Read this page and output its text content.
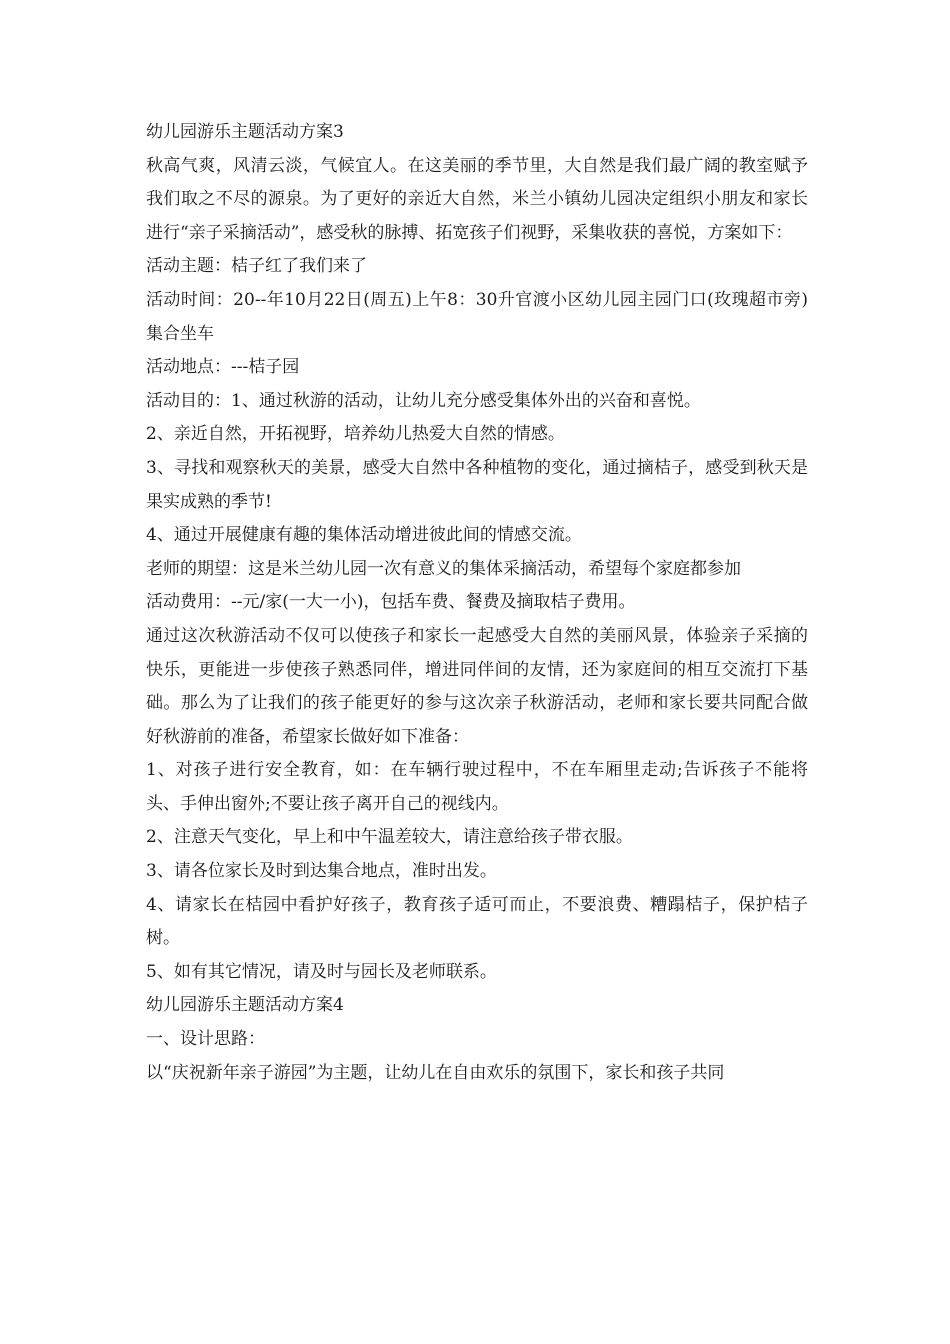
幼儿园游乐主题活动方案3

秋高气爽，风清云淡，气候宜人。在这美丽的季节里，大自然是我们最广阔的教室赋予我们取之不尽的源泉。为了更好的亲近大自然，米兰小镇幼儿园决定组织小朋友和家长进行“亲子采摘活动”，感受秋的脉搏、拓宽孩子们视野，采集收获的喜悦，方案如下：

活动主题：桔子红了我们来了

活动时间：20--年10月22日(周五)上午8：30升官渡小区幼儿园主园门口(玫瑰超市旁)集合坐车

活动地点：---桔子园

活动目的：1、通过秋游的活动，让幼儿充分感受集体外出的兴奋和喜悦。

2、亲近自然，开拓视野，培养幼儿热爱大自然的情感。

3、寻找和观察秋天的美景，感受大自然中各种植物的变化，通过摘桔子，感受到秋天是果实成熟的季节!

4、通过开展健康有趣的集体活动增进彼此间的情感交流。

老师的期望：这是米兰幼儿园一次有意义的集体采摘活动，希望每个家庭都参加

活动费用：--元/家(一大一小)，包括车费、餐费及摘取桔子费用。

通过这次秋游活动不仅可以使孩子和家长一起感受大自然的美丽风景，体验亲子采摘的快乐，更能进一步使孩子熟悉同伴，增进同伴间的友情，还为家庭间的相互交流打下基础。那么为了让我们的孩子能更好的参与这次亲子秋游活动，老师和家长要共同配合做好秋游前的准备，希望家长做好如下准备：

1、对孩子进行安全教育，如：在车辆行驶过程中，不在车厢里走动;告诉孩子不能将头、手伸出窗外;不要让孩子离开自己的视线内。

2、注意天气变化，早上和中午温差较大，请注意给孩子带衣服。

3、请各位家长及时到达集合地点，准时出发。

4、请家长在桔园中看护好孩子，教育孩子适可而止，不要浪费、糟蹋桔子，保护桔子树。

5、如有其它情况，请及时与园长及老师联系。

幼儿园游乐主题活动方案4

一、设计思路：

以“庆祝新年亲子游园”为主题，让幼儿在自由欢乐的氛围下，家长和孩子共同
